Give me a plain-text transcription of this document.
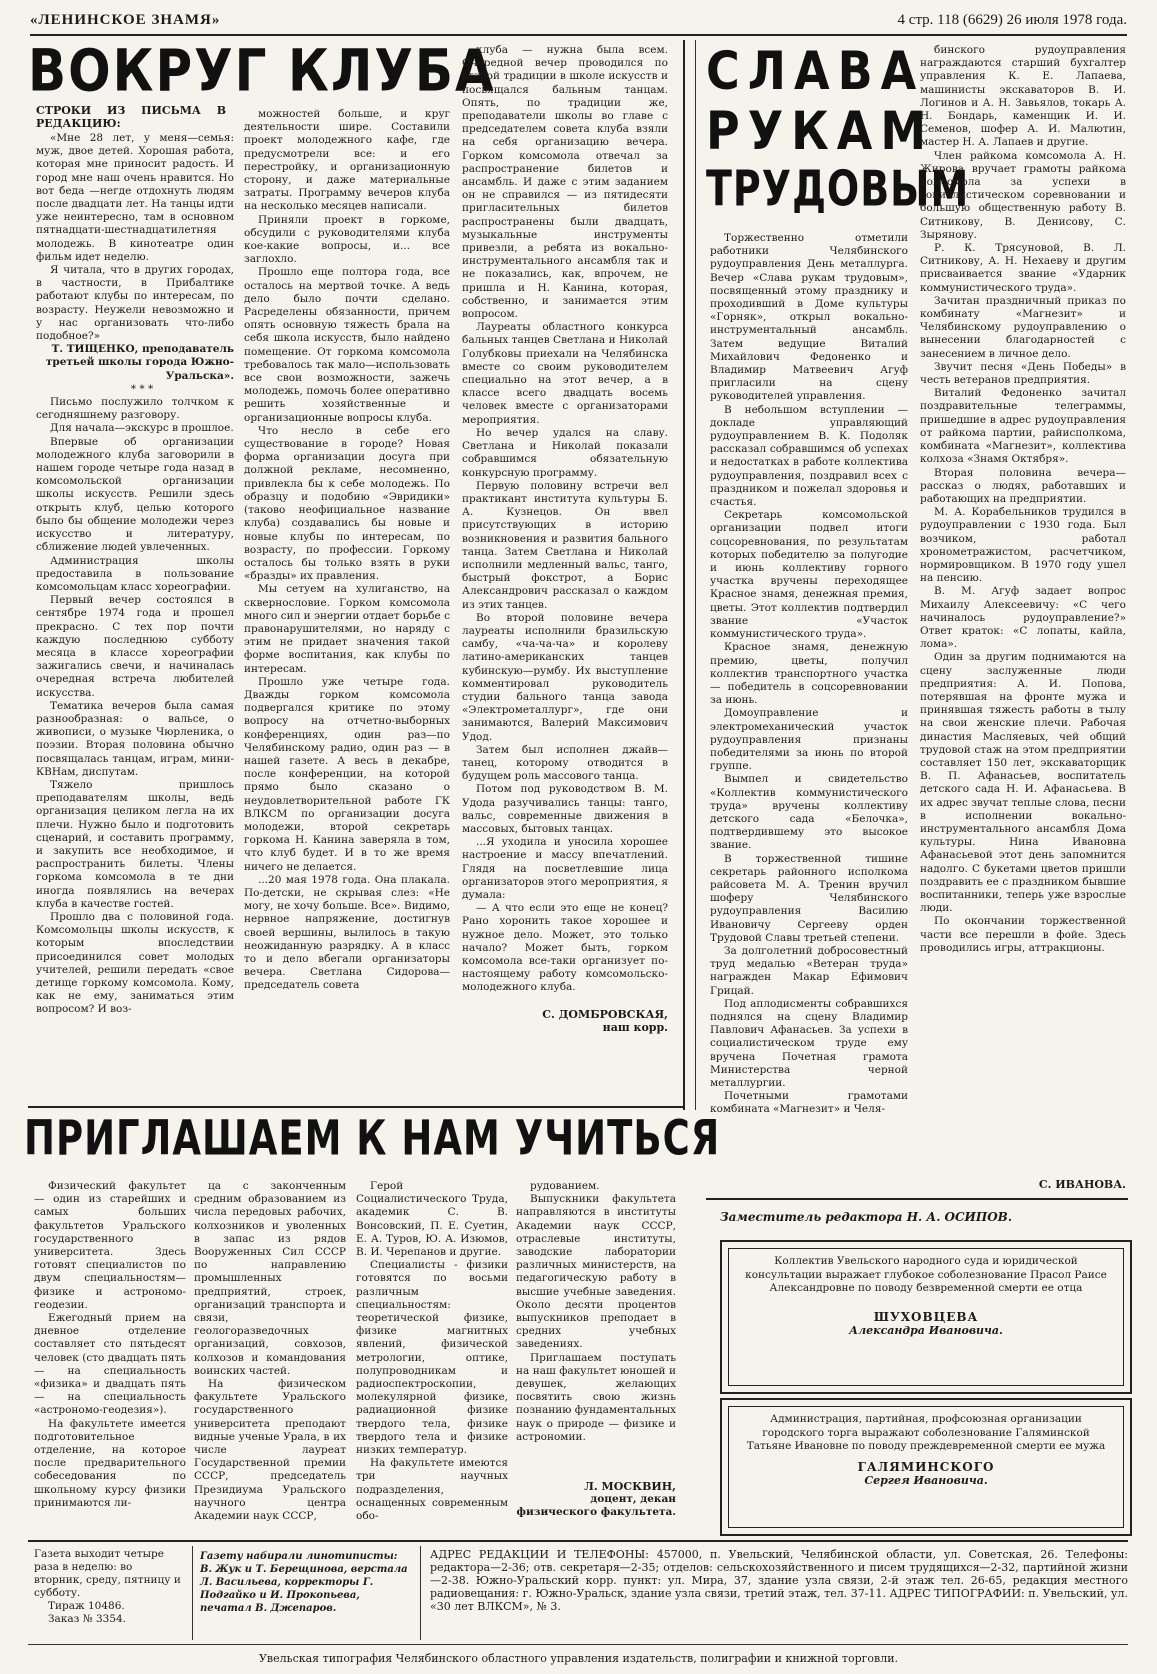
«ЛЕНИНСКОЕ ЗНАМЯ»	4 стр. 118 (6629) 26 июля 1978 года.
ВОКРУГ КЛУБА
СТРОКИ ИЗ ПИСЬМА В РЕДАКЦИЮ:

«Мне 28 лет, у меня—семья: муж, двое детей. Хорошая работа, которая мне приносит радость. И город мне наш очень нравится. Но вот беда —негде отдохнуть людям после двадцати лет. На танцы идти уже неинтересно, там в основном пятнадцати-шестнадцатилетняя молодежь. В кинотеатре один фильм идет неделю.

Я читала, что в других городах, в частности, в Прибалтике работают клубы по интересам, по возрасту. Неужели невозможно и у нас организовать что-либо подобное?»

Т. ТИЩЕНКО, преподаватель третьей школы города Южно-Уральска».

* * *

Письмо послужило толчком к сегодняшнему разговору.

Для начала—экскурс в прошлое.

Впервые об организации молодежного клуба заговорили в нашем городе четыре года назад в комсомольской организации школы искусств. Решили здесь открыть клуб, целью которого было бы общение молодежи через искусство и литературу, сближение людей увлеченных.

Администрация школы предоставила в пользование комсомольцам класс хореографии.

Первый вечер состоялся в сентябре 1974 года и прошел прекрасно. С тех пор почти каждую последнюю субботу месяца в классе хореографии зажигались свечи, и начиналась очередная встреча любителей искусства.

Тематика вечеров была самая разнообразная: о вальсе, о живописи, о музыке Чюрленика, о поэзии. Вторая половина обычно посвящалась танцам, играм, мини-КВНам, диспутам.

Тяжело пришлось преподавателям школы, ведь организация целиком легла на их плечи. Нужно было и подготовить сценарий, и составить программу, и закупить все необходимое, и распространить билеты. Члены горкома комсомола в те дни иногда появлялись на вечерах клуба в качестве гостей.

Прошло два с половиной года. Комсомольцы школы искусств, к которым впоследствии присоединился совет молодых учителей, решили передать «свое детище горкому комсомола. Кому, как не ему, заниматься этим вопросом? И воз-

можностей больше, и круг деятельности шире. Составили проект молодежного кафе, где предусмотрели все: и его перестройку, и организационную сторону, и даже материальные затраты. Программу вечеров клуба на несколько месяцев написали.

Приняли проект в горкоме, обсудили с руководителями клуба кое-какие вопросы, и... все заглохло.

Прошло еще полтора года, все осталось на мертвой точке. А ведь дело было почти сделано. Расределены обязанности, причем опять основную тяжесть брала на себя школа искусств, было найдено помещение. От горкома комсомола требовалось так мало—использовать все свои возможности, зажечь молодежь, помочь более оперативно решить хозяйственные и организационные вопросы клуба.

Что несло в себе его существование в городе? Новая форма организации досуга при должной рекламе, несомненно, привлекла бы к себе молодежь. По образцу и подобию «Эвридики» (таково неофициальное название клуба) создавались бы новые и новые клубы по интересам, по возрасту, по профессии. Горкому осталось бы только взять в руки «бразды» их правления.

Мы сетуем на хулиганство, на сквернословие. Горком комсомола много сил и энергии отдает борьбе с правонарушителями, но наряду с этим не придает значения такой форме воспитания, как клубы по интересам.

Прошло уже четыре года. Дважды горком комсомола подвергался критике по этому вопросу на отчетно-выборных конференциях, один раз—по Челябинскому радио, один раз — в нашей газете. А весь в декабре, после конференции, на которой прямо было сказано о неудовлетворительной работе ГК ВЛКСМ по организации досуга молодежи, второй секретарь горкома Н. Канина заверяла в том, что клуб будет. И в то же время ничего не делается.

...20 мая 1978 года. Она плакала. По-детски, не скрывая слез: «Не могу, не хочу больше. Все». Видимо, нервное напряжение, достигнув своей вершины, вылилось в такую неожиданную разрядку. А в класс то и дело вбегали организаторы вечера. Светлана Сидорова— председатель совета

клуба — нужна была всем. Очередной вечер проводился по старой традиции в школе искусств и посвящался бальным танцам. Опять, по традиции же, преподаватели школы во главе с председателем совета клуба взяли на себя организацию вечера. Горком комсомола отвечал за распространение билетов и ансамбль. И даже с этим заданием он не справился — из пятидесяти пригласительных билетов распространены были двадцать, музыкальные инструменты привезли, а ребята из вокально-инструментального ансамбля так и не показались, как, впрочем, не пришла и Н. Канина, которая, собственно, и занимается этим вопросом.

Лауреаты областного конкурса бальных танцев Светлана и Николай Голубковы приехали на Челябинска вместе со своим руководителем специально на этот вечер, а в классе всего двадцать восемь человек вместе с организаторами мероприятия.

Но вечер удался на славу. Светлана и Николай показали собравшимся обязательную конкурсную программу.

Первую половину встречи вел практикант института культуры Б. А. Кузнецов. Он ввел присутствующих в историю возникновения и развития бального танца. Затем Светлана и Николай исполнили медленный вальс, танго, быстрый фокстрот, а Борис Александрович рассказал о каждом из этих танцев.

Во второй половине вечера лауреаты исполнили бразильскую самбу, «ча-ча-ча» и королеву латино-американских танцев кубинскую—румбу. Их выступление комментировал руководитель студии бального танца завода «Электрометаллург», где они занимаются, Валерий Максимович Удод.

Затем был исполнен джайв—танец, которому отводится в будущем роль массового танца.

Потом под руководством В. М. Удода разучивались танцы: танго, вальс, современные движения в массовых, бытовых танцах.

...Я уходила и уносила хорошее настроение и массу впечатлений. Глядя на посветлевшие лица организаторов этого мероприятия, я думала:

— А что если это еще не конец? Рано хоронить такое хорошее и нужное дело. Может, это только начало? Может быть, горком комсомола все-таки организует по-настоящему работу комсомольско-молодежного клуба.

С. ДОМБРОВСКАЯ,
наш корр.
СЛАВА
РУКАМ
ТРУДОВЫМ

Торжественно отметили работники Челябинского рудоуправления День металлурга. Вечер «Слава рукам трудовым», посвященный этому празднику и проходивший в Доме культуры «Горняк», открыл вокально-инструментальный ансамбль. Затем ведущие Виталий Михайлович Федоненко и Владимир Матвеевич Агуф пригласили на сцену руководителей управления.

В небольшом вступлении — докладе управляющий рудоуправлением В. К. Подоляк рассказал собравшимся об успехах и недостатках в работе коллектива рудоуправления, поздравил всех с праздником и пожелал здоровья и счастья.

Секретарь комсомольской организации подвел итоги соцсоревнования, по результатам которых победителю за полугодие и июнь коллективу горного участка вручены переходящее Красное знамя, денежная премия, цветы. Этот коллектив подтвердил звание «Участок коммунистического труда».

Красное знамя, денежную премию, цветы, получил коллектив транспортного участка — победитель в соцсоревновании за июнь.

Домоуправление и электромеханический участок рудоуправления признаны победителями за июнь по второй группе.

Вымпел и свидетельство «Коллектив коммунистического труда» вручены коллективу детского сада «Белочка», подтвердившему это высокое звание.

В торжественной тишине секретарь районного исполкома райсовета М. А. Тренин вручил шоферу Челябинского рудоуправления Василию Ивановичу Сергееву орден Трудовой Славы третьей степени.

За долголетний добросовестный труд медалью «Ветеран труда» награжден Макар Ефимович Грицай.

Под аплодисменты собравшихся поднялся на сцену Владимир Павлович Афанасьев. За успехи в социалистическом труде ему вручена Почетная грамота Министерства черной металлургии.

Почетными грамотами комбината «Магнезит» и Челя-

бинского рудоуправления награждаются старший бухгалтер управления К. Е. Лапаева, машинисты экскаваторов В. И. Логинов и А. Н. Завьялов, токарь А. Н. Бондарь, каменщик И. И. Семенов, шофер А. И. Малютин, мастер Н. А. Лапаев и другие.

Член райкома комсомола А. Н. Жирова вручает грамоты райкома комсомола за успехи в социалистическом соревновании и большую общественную работу В. Ситникову, В. Денисову, С. Зырянову.

Р. К. Трясуновой, В. Л. Ситникову, А. Н. Нехаеву и другим присваивается звание «Ударник коммунистического труда».

Зачитан праздничный приказ по комбинату «Магнезит» и Челябинскому рудоуправлению о вынесении благодарностей с занесением в личное дело.

Звучит песня «День Победы» в честь ветеранов предприятия.

Виталий Федоненко зачитал поздравительные телеграммы, пришедшие в адрес рудоуправления от райкома партии, райисполкома, комбината «Магнезит», коллектива колхоза «Знамя Октября».

Вторая половина вечера— рассказ о людях, работавших и работающих на предприятии.

М. А. Корабельников трудился в рудоуправлении с 1930 года. Был возчиком, работал хронометражистом, расчетчиком, нормировщиком. В 1970 году ушел на пенсию.

В. М. Агуф задает вопрос Михаилу Алексеевичу: «С чего начиналось рудоуправление?» Ответ краток: «С лопаты, кайла, лома».

Один за другим поднимаются на сцену заслуженные люди предприятия: А. И. Попова, потерявшая на фронте мужа и принявшая тяжесть работы в тылу на свои женские плечи. Рабочая династия Масляевых, чей общий трудовой стаж на этом предприятии составляет 150 лет, экскаваторщик В. П. Афанасьев, воспитатель детского сада Н. И. Афанасьева. В их адрес звучат теплые слова, песни в исполнении вокально-инструментального ансамбля Дома культуры. Нина Ивановна Афанасьевой этот день запомнится надолго. С букетами цветов пришли поздравить ее с праздником бывшие воспитанники, теперь уже взрослые люди.

По окончании торжественной части все перешли в фойе. Здесь проводились игры, аттракционы.

С. ИВАНОВА.
ПРИГЛАШАЕМ К НАМ УЧИТЬСЯ

Физический факультет— один из старейших и самых больших факультетов Уральского государственного университета. Здесь готовят специалистов по двум специальностям—физике и астрономо-геодезии.

Ежегодный прием на дневное отделение составляет сто пятьдесят человек (сто двадцать пять — на специальность «физика» и двадцать пять — на специальность «астрономо-геодезия»).

На факультете имеется подготовительное отделение, на которое после предварительного собеседования по школьному курсу физики принимаются ли-

ца с законченным средним образованием из числа передовых рабочих, колхозников и уволенных в запас из рядов Вооруженных Сил СССР по направлению промышленных предприятий, строек, организаций транспорта и связи, геологоразведочных организаций, совхозов, колхозов и командования воинских частей.

На физическом факультете Уральского государственного университета преподают видные ученые Урала, в их числе лауреат Государственной премии СССР, председатель Президиума Уральского научного центра Академии наук СССР,

Герой Социалистического Труда, академик С. В. Вонсовский, П. Е. Суетин, Е. А. Туров, Ю. А. Изюмов, В. И. Черепанов и другие.

Специалисты - физики готовятся по восьми различным специальностям: теоретической физике, физике магнитных явлений, физической метрологии, оптике, полупроводникам и радиоспектроскопии, молекулярной физике, радиационной физике твердого тела, физике твердого тела и физике низких температур.

На факультете имеются три научных подразделения, оснащенных современным обо-

рудованием.

Выпускники факультета направляются в институты Академии наук СССР, отраслевые институты, заводские лаборатории различных министерств, на педагогическую работу в высшие учебные заведения. Около десяти процентов выпускников преподает в средних учебных заведениях.

Приглашаем поступать на наш факультет юношей и девушек, желающих посвятить свою жизнь познанию фундаментальных наук о природе — физике и астрономии.

Л. МОСКВИН,
доцент, декан физического факультета.
Заместитель редактора Н. А. ОСИПОВ.
Коллектив Увельского народного суда и юридической консультации выражает глубокое соболезнование Прасол Раисе Александровне по поводу безвременной смерти ее отца
ШУХОВЦЕВА
Александра Ивановича.
Администрация, партийная, профсоюзная организации городского торга выражают соболезнование Галяминской Татьяне Ивановне по поводу преждевременной смерти ее мужа
ГАЛЯМИНСКОГО
Сергея Ивановича.
Газета выходит четыре раза в неделю: во вторник, среду, пятницу и субботу.
Тираж 10486.
Заказ № 3354.
Газету набирали линотиписты: В. Жук и Т. Берещинова, верстала Л. Васильева, корректоры Г. Подгайко и И. Прокопьева, печатал В. Джепаров.
АДРЕС РЕДАКЦИИ И ТЕЛЕФОНЫ: 457000, п. Увельский, Челябинской области, ул. Советская, 26. Телефоны: редактора—2-36; отв. секретаря—2-35; отделов: сельскохозяйственного и писем трудящихся—2-32, партийной жизни—2-38. Южно-Уральский корр. пункт: ул. Мира, 37, здание узла связи, 2-й этаж тел. 26-65, редакция местного радиовещания: г. Южно-Уральск, здание узла связи, третий этаж, тел. 37-11. АДРЕС ТИПОГРАФИИ: п. Увельский, ул. «30 лет ВЛКСМ», № 3.
Увельская типография Челябинского областного управления издательств, полиграфии и книжной торговли.
